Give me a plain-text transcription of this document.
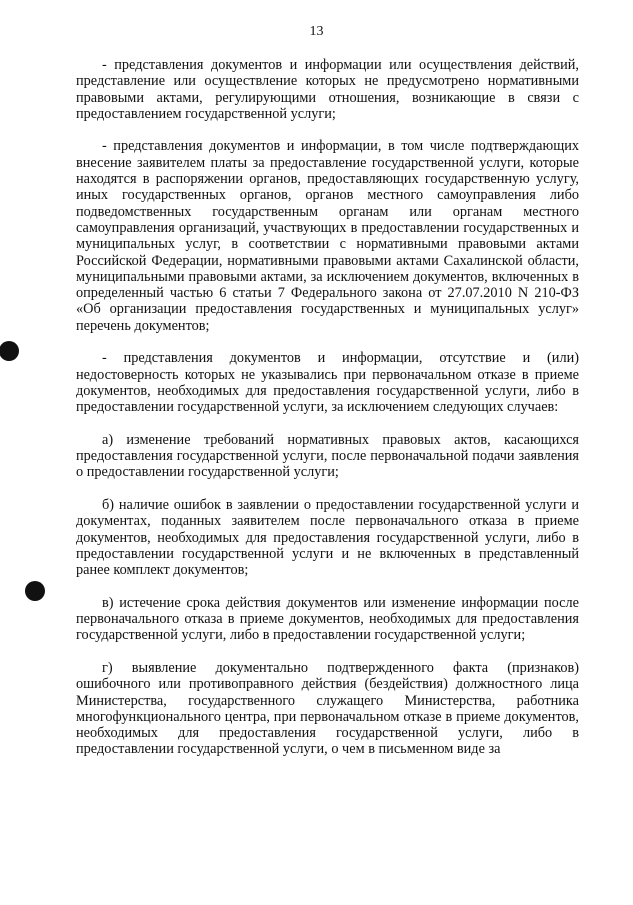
13

- представления документов и информации или осуществления действий, представление или осуществление которых не предусмотрено нормативными правовыми актами, регулирующими отношения, возникающие в связи с предоставлением государственной услуги;

- представления документов и информации, в том числе подтверждающих внесение заявителем платы за предоставление государственной услуги, которые находятся в распоряжении органов, предоставляющих государственную услугу, иных государственных органов, органов местного самоуправления либо подведомственных государственным органам или органам местного самоуправления организаций, участвующих в предоставлении государственных и муниципальных услуг, в соответствии с нормативными правовыми актами Российской Федерации, нормативными правовыми актами Сахалинской области, муниципальными правовыми актами, за исключением документов, включенных в определенный частью 6 статьи 7 Федерального закона от 27.07.2010 N 210-ФЗ «Об организации предоставления государственных и муниципальных услуг» перечень документов;

- представления документов и информации, отсутствие и (или) недостоверность которых не указывались при первоначальном отказе в приеме документов, необходимых для предоставления государственной услуги, либо в предоставлении государственной услуги, за исключением следующих случаев:

а) изменение требований нормативных правовых актов, касающихся предоставления государственной услуги, после первоначальной подачи заявления о предоставлении государственной услуги;

б) наличие ошибок в заявлении о предоставлении государственной услуги и документах, поданных заявителем после первоначального отказа в приеме документов, необходимых для предоставления государственной услуги, либо в предоставлении государственной услуги и не включенных в представленный ранее комплект документов;

в) истечение срока действия документов или изменение информации после первоначального отказа в приеме документов, необходимых для предоставления государственной услуги, либо в предоставлении государственной услуги;

г) выявление документально подтвержденного факта (признаков) ошибочного или противоправного действия (бездействия) должностного лица Министерства, государственного служащего Министерства, работника многофункционального центра, при первоначальном отказе в приеме документов, необходимых для предоставления государственной услуги, либо в предоставлении государственной услуги, о чем в письменном виде за
